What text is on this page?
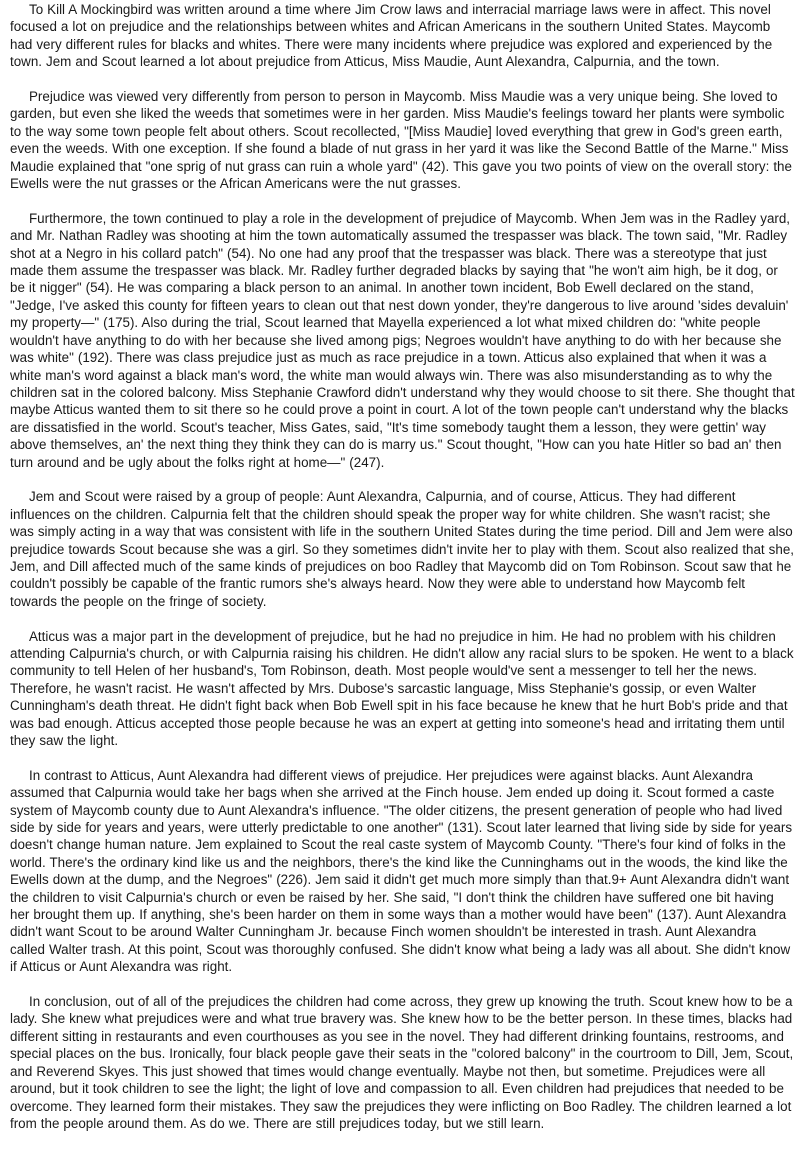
To Kill A Mockingbird was written around a time where Jim Crow laws and interracial marriage laws were in affect. This novel focused a lot on prejudice and the relationships between whites and African Americans in the southern United States. Maycomb had very different rules for blacks and whites. There were many incidents where prejudice was explored and experienced by the town. Jem and Scout learned a lot about prejudice from Atticus, Miss Maudie, Aunt Alexandra, Calpurnia, and the town.

Prejudice was viewed very differently from person to person in Maycomb. Miss Maudie was a very unique being. She loved to garden, but even she liked the weeds that sometimes were in her garden. Miss Maudie's feelings toward her plants were symbolic to the way some town people felt about others. Scout recollected, "[Miss Maudie] loved everything that grew in God's green earth, even the weeds. With one exception. If she found a blade of nut grass in her yard it was like the Second Battle of the Marne." Miss Maudie explained that "one sprig of nut grass can ruin a whole yard" (42). This gave you two points of view on the overall story: the Ewells were the nut grasses or the African Americans were the nut grasses.

Furthermore, the town continued to play a role in the development of prejudice of Maycomb. When Jem was in the Radley yard, and Mr. Nathan Radley was shooting at him the town automatically assumed the trespasser was black. The town said, "Mr. Radley shot at a Negro in his collard patch" (54). No one had any proof that the trespasser was black. There was a stereotype that just made them assume the trespasser was black. Mr. Radley further degraded blacks by saying that "he won't aim high, be it dog, or be it nigger" (54). He was comparing a black person to an animal. In another town incident, Bob Ewell declared on the stand, "Jedge, I've asked this county for fifteen years to clean out that nest down yonder, they're dangerous to live around 'sides devaluin' my property—" (175). Also during the trial, Scout learned that Mayella experienced a lot what mixed children do: "white people wouldn't have anything to do with her because she lived among pigs; Negroes wouldn't have anything to do with her because she was white" (192). There was class prejudice just as much as race prejudice in a town. Atticus also explained that when it was a white man's word against a black man's word, the white man would always win. There was also misunderstanding as to why the children sat in the colored balcony. Miss Stephanie Crawford didn't understand why they would choose to sit there. She thought that maybe Atticus wanted them to sit there so he could prove a point in court. A lot of the town people can't understand why the blacks are dissatisfied in the world. Scout's teacher, Miss Gates, said, "It's time somebody taught them a lesson, they were gettin' way above themselves, an' the next thing they think they can do is marry us." Scout thought, "How can you hate Hitler so bad an' then turn around and be ugly about the folks right at home—" (247).

Jem and Scout were raised by a group of people: Aunt Alexandra, Calpurnia, and of course, Atticus. They had different influences on the children. Calpurnia felt that the children should speak the proper way for white children. She wasn't racist; she was simply acting in a way that was consistent with life in the southern United States during the time period. Dill and Jem were also prejudice towards Scout because she was a girl. So they sometimes didn't invite her to play with them. Scout also realized that she, Jem, and Dill affected much of the same kinds of prejudices on boo Radley that Maycomb did on Tom Robinson. Scout saw that he couldn't possibly be capable of the frantic rumors she's always heard. Now they were able to understand how Maycomb felt towards the people on the fringe of society.

Atticus was a major part in the development of prejudice, but he had no prejudice in him. He had no problem with his children attending Calpurnia's church, or with Calpurnia raising his children. He didn't allow any racial slurs to be spoken. He went to a black community to tell Helen of her husband's, Tom Robinson, death. Most people would've sent a messenger to tell her the news. Therefore, he wasn't racist. He wasn't affected by Mrs. Dubose's sarcastic language, Miss Stephanie's gossip, or even Walter Cunningham's death threat. He didn't fight back when Bob Ewell spit in his face because he knew that he hurt Bob's pride and that was bad enough. Atticus accepted those people because he was an expert at getting into someone's head and irritating them until they saw the light.

In contrast to Atticus, Aunt Alexandra had different views of prejudice. Her prejudices were against blacks. Aunt Alexandra assumed that Calpurnia would take her bags when she arrived at the Finch house. Jem ended up doing it. Scout formed a caste system of Maycomb county due to Aunt Alexandra's influence. "The older citizens, the present generation of people who had lived side by side for years and years, were utterly predictable to one another" (131). Scout later learned that living side by side for years doesn't change human nature. Jem explained to Scout the real caste system of Maycomb County. "There's four kind of folks in the world. There's the ordinary kind like us and the neighbors, there's the kind like the Cunninghams out in the woods, the kind like the Ewells down at the dump, and the Negroes" (226). Jem said it didn't get much more simply than that.9+ Aunt Alexandra didn't want the children to visit Calpurnia's church or even be raised by her. She said, "I don't think the children have suffered one bit having her brought them up. If anything, she's been harder on them in some ways than a mother would have been" (137). Aunt Alexandra didn't want Scout to be around Walter Cunningham Jr. because Finch women shouldn't be interested in trash. Aunt Alexandra called Walter trash. At this point, Scout was thoroughly confused. She didn't know what being a lady was all about. She didn't know if Atticus or Aunt Alexandra was right.

In conclusion, out of all of the prejudices the children had come across, they grew up knowing the truth. Scout knew how to be a lady. She knew what prejudices were and what true bravery was. She knew how to be the better person. In these times, blacks had different sitting in restaurants and even courthouses as you see in the novel. They had different drinking fountains, restrooms, and special places on the bus. Ironically, four black people gave their seats in the "colored balcony" in the courtroom to Dill, Jem, Scout, and Reverend Skyes. This just showed that times would change eventually. Maybe not then, but sometime. Prejudices were all around, but it took children to see the light; the light of love and compassion to all. Even children had prejudices that needed to be overcome. They learned form their mistakes. They saw the prejudices they were inflicting on Boo Radley. The children learned a lot from the people around them. As do we. There are still prejudices today, but we still learn.
